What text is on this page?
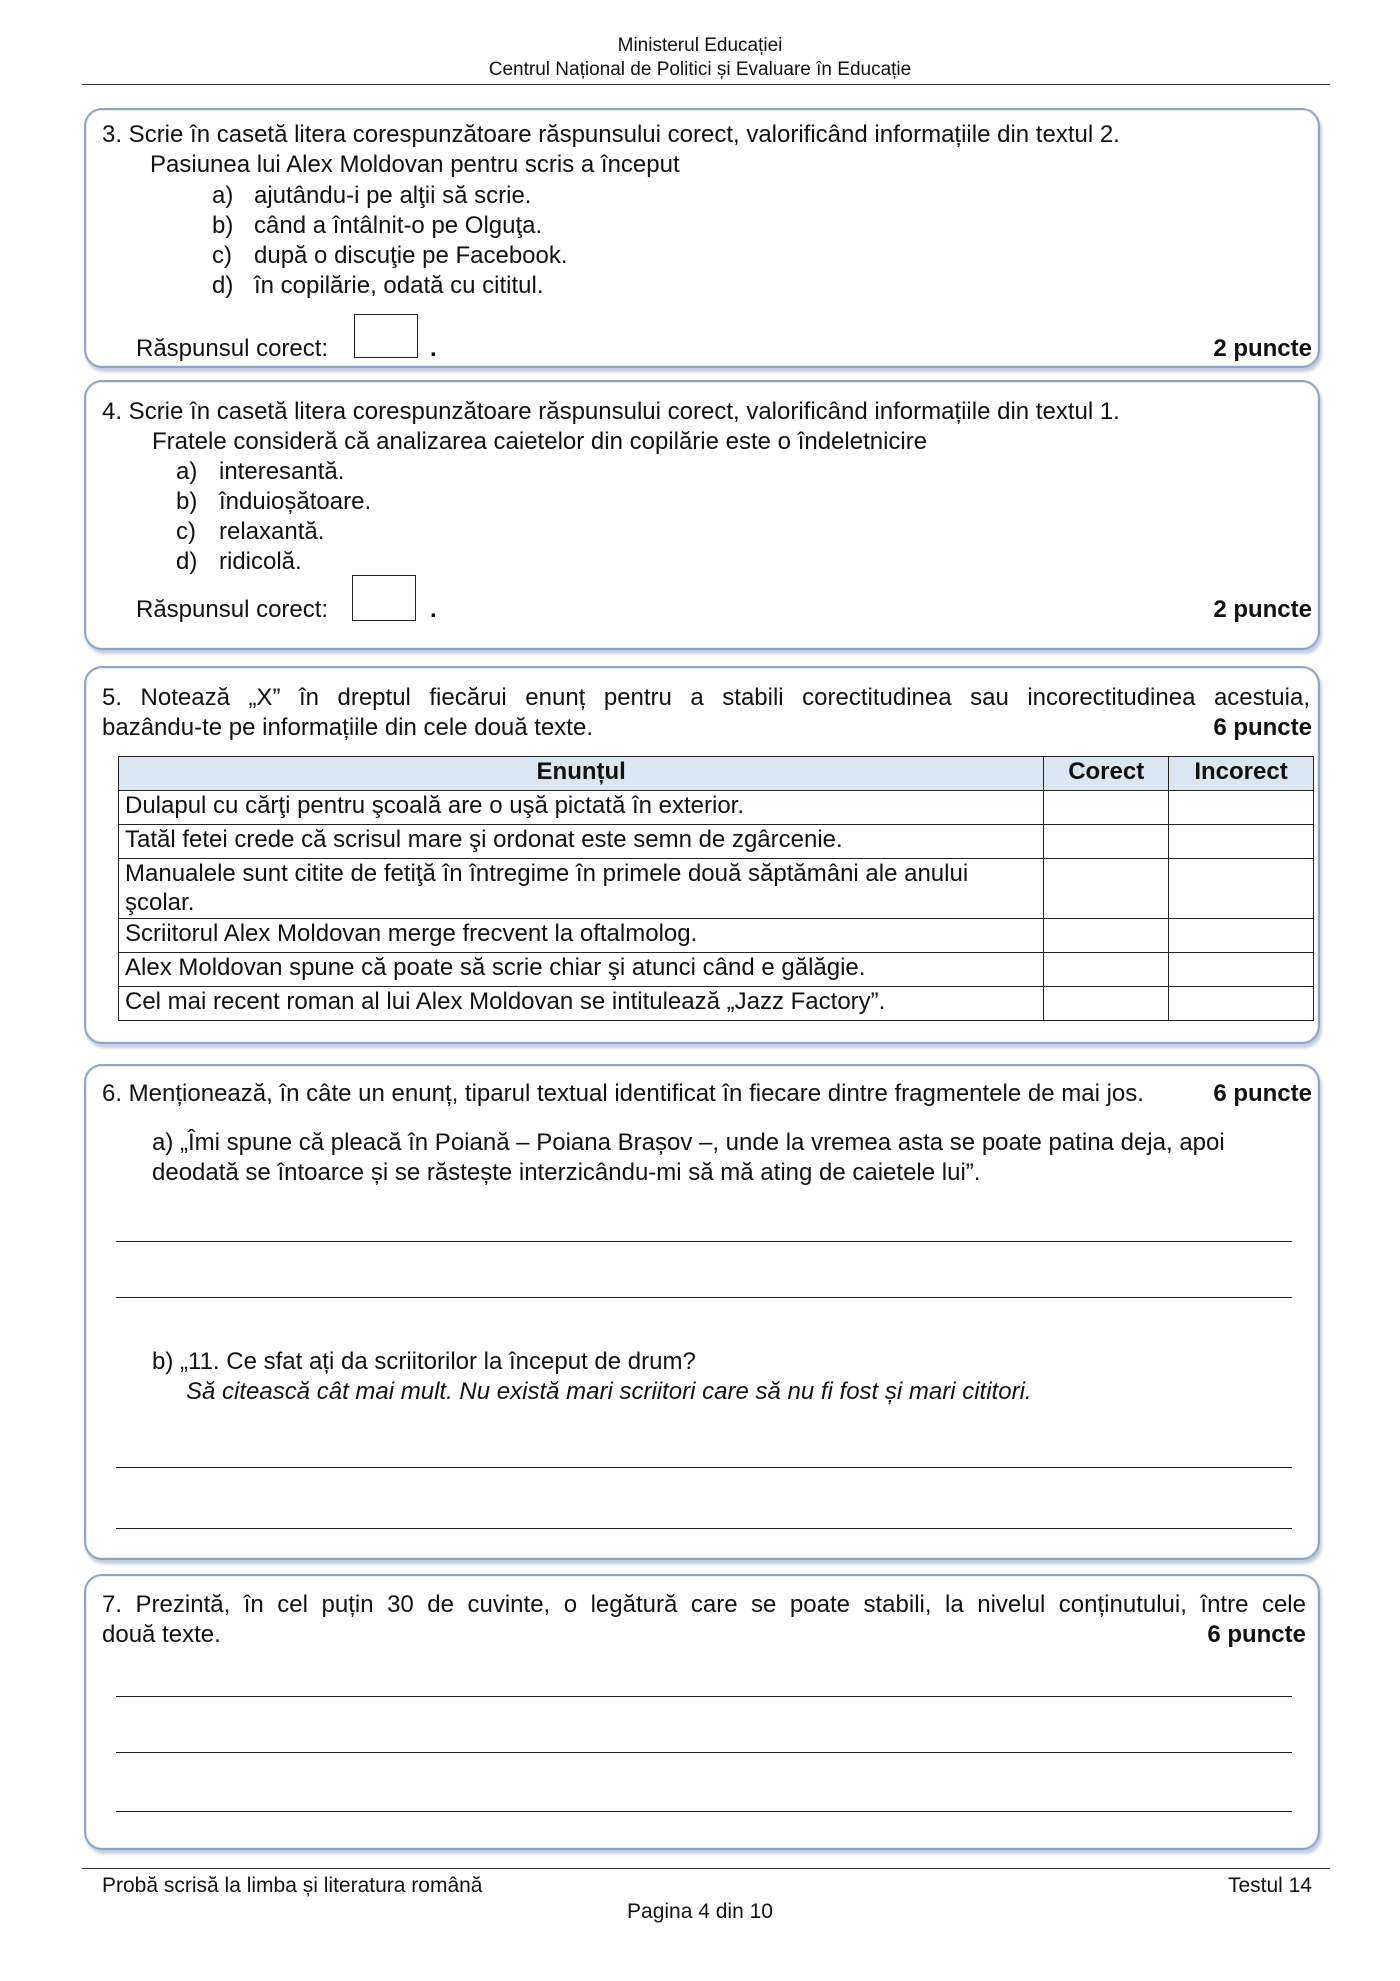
Ministerul Educației
Centrul Național de Politici și Evaluare în Educație
3. Scrie în casetă litera corespunzătoare răspunsului corect, valorificând informațiile din textul 2.
Pasiunea lui Alex Moldovan pentru scris a început
a) ajutându-i pe alţii să scrie.
b) când a întâlnit-o pe Olguţa.
c) după o discuţie pe Facebook.
d) în copilărie, odată cu cititul.
Răspunsul corect:	.	2 puncte
4. Scrie în casetă litera corespunzătoare răspunsului corect, valorificând informațiile din textul 1.
Fratele consideră că analizarea caietelor din copilărie este o îndeletnicire
a) interesantă.
b) înduioșătoare.
c) relaxantă.
d) ridicolă.
Răspunsul corect:	.	2 puncte
5. Notează „X” în dreptul fiecărui enunț pentru a stabili corectitudinea sau incorectitudinea acestuia,
bazându-te pe informațiile din cele două texte.	6 puncte
Enunțul	Corect	Incorect
Dulapul cu cărţi pentru şcoală are o uşă pictată în exterior.		
Tatăl fetei crede că scrisul mare şi ordonat este semn de zgârcenie.		
Manualele sunt citite de fetiţă în întregime în primele două săptămâni ale anului şcolar.		
Scriitorul Alex Moldovan merge frecvent la oftalmolog.		
Alex Moldovan spune că poate să scrie chiar şi atunci când e gălăgie.		
Cel mai recent roman al lui Alex Moldovan se intitulează „Jazz Factory”.		
6. Menționează, în câte un enunț, tiparul textual identificat în fiecare dintre fragmentele de mai jos.	6 puncte
a) „Îmi spune că pleacă în Poiană – Poiana Brașov –, unde la vremea asta se poate patina deja, apoi
deodată se întoarce și se răstește interzicându-mi să mă ating de caietele lui”.
b) „11. Ce sfat ați da scriitorilor la început de drum?
Să citească cât mai mult. Nu există mari scriitori care să nu fi fost și mari cititori.
7. Prezintă, în cel puțin 30 de cuvinte, o legătură care se poate stabili, la nivelul conținutului, între cele
două texte.	6 puncte
Probă scrisă la limba și literatura română	Testul 14
Pagina 4 din 10
